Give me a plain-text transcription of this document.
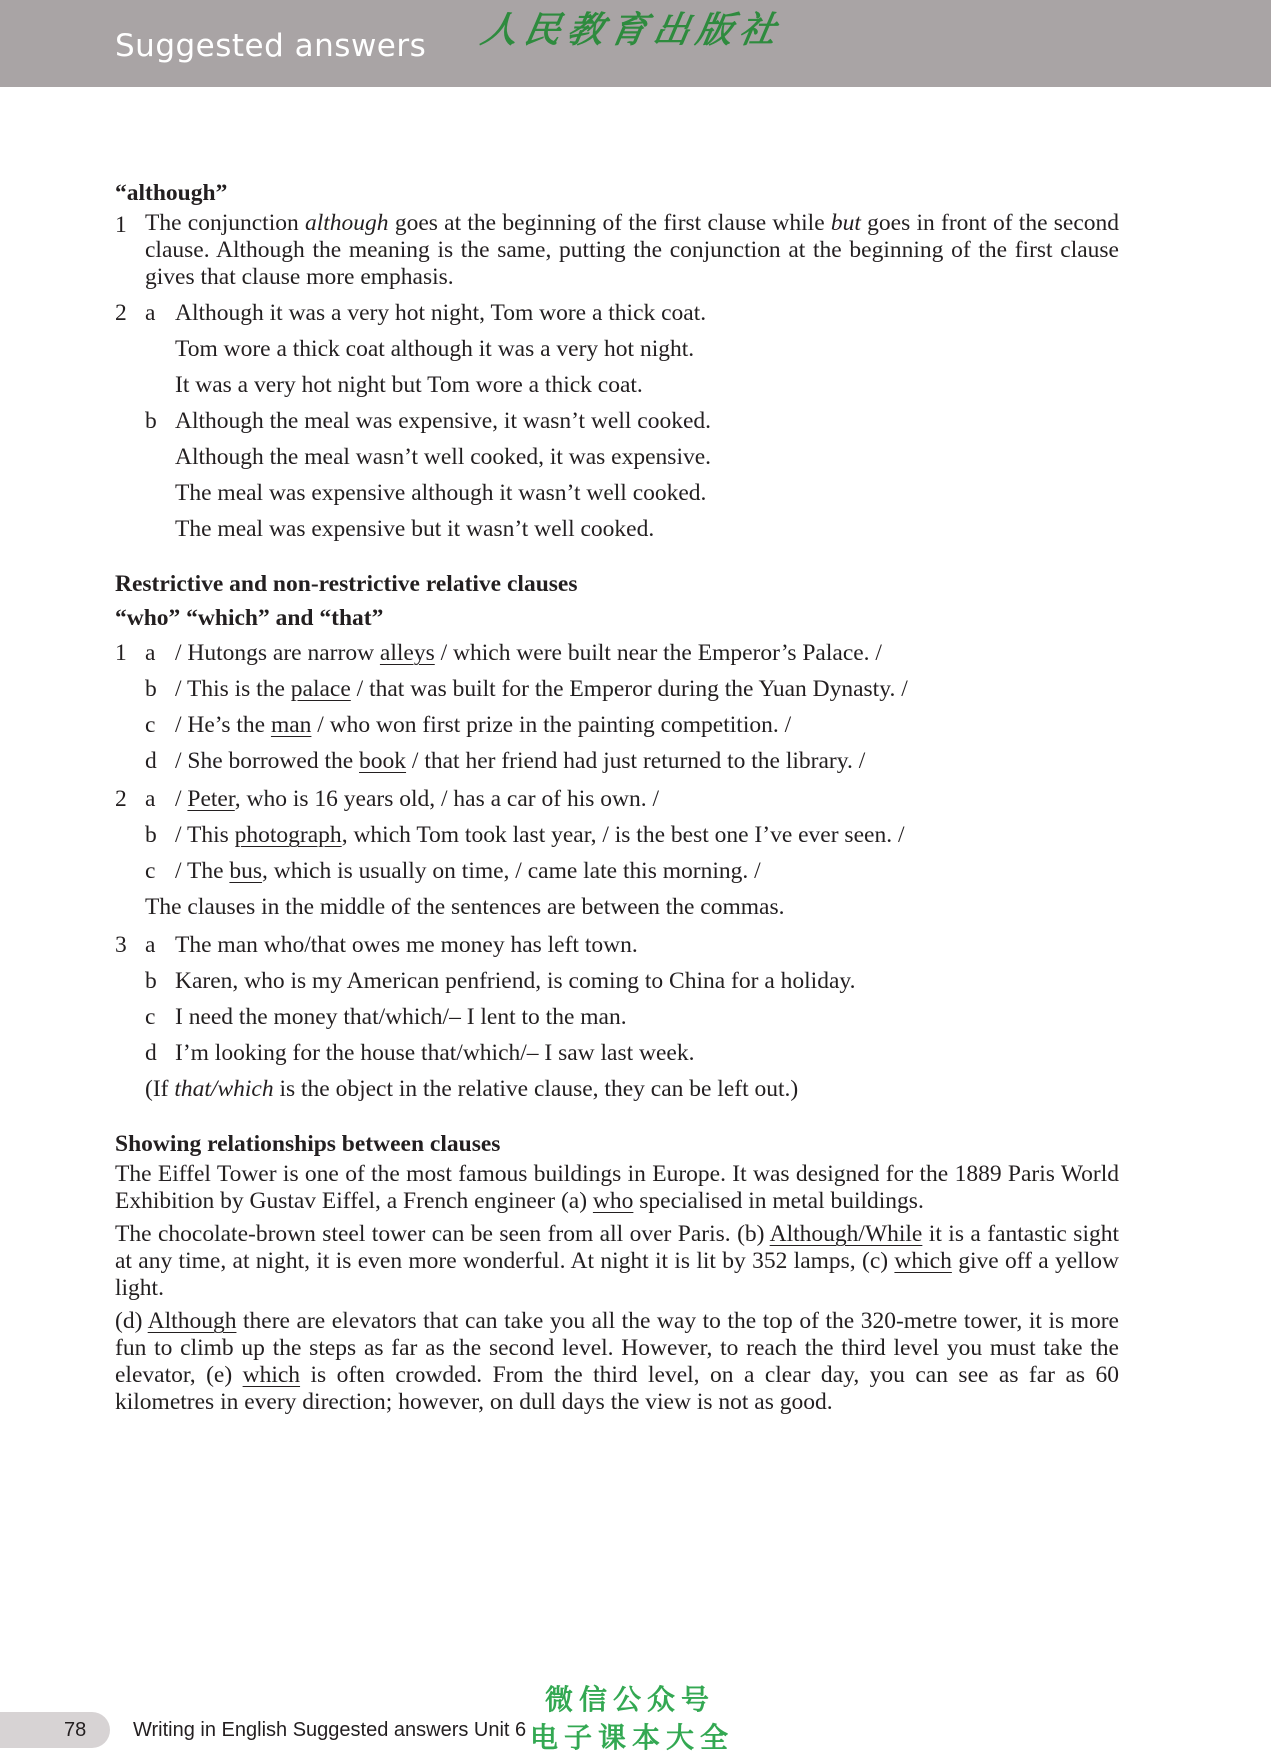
Suggested answers 人民教育出版社

“although”

1 The conjunction although goes at the beginning of the first clause while but goes in front of the second clause. Although the meaning is the same, putting the conjunction at the beginning of the first clause gives that clause more emphasis.
2 a Although it was a very hot night, Tom wore a thick coat.
Tom wore a thick coat although it was a very hot night.
It was a very hot night but Tom wore a thick coat.
b Although the meal was expensive, it wasn’t well cooked.
Although the meal wasn’t well cooked, it was expensive.
The meal was expensive although it wasn’t well cooked.
The meal was expensive but it wasn’t well cooked.

Restrictive and non-restrictive relative clauses

“who” “which” and “that”

1 a / Hutongs are narrow alleys / which were built near the Emperor’s Palace. /
b / This is the palace / that was built for the Emperor during the Yuan Dynasty. /
c / He’s the man / who won first prize in the painting competition. /
d / She borrowed the book / that her friend had just returned to the library. /
2 a / Peter, who is 16 years old, / has a car of his own. /
b / This photograph, which Tom took last year, / is the best one I’ve ever seen. /
c / The bus, which is usually on time, / came late this morning. /
The clauses in the middle of the sentences are between the commas.
3 a The man who/that owes me money has left town.
b Karen, who is my American penfriend, is coming to China for a holiday.
c I need the money that/which/– I lent to the man.
d I’m looking for the house that/which/– I saw last week.
(If that/which is the object in the relative clause, they can be left out.)

Showing relationships between clauses

The Eiffel Tower is one of the most famous buildings in Europe. It was designed for the 1889 Paris World Exhibition by Gustav Eiffel, a French engineer (a) who specialised in metal buildings.

The chocolate-brown steel tower can be seen from all over Paris. (b) Although/While it is a fantastic sight at any time, at night, it is even more wonderful. At night it is lit by 352 lamps, (c) which give off a yellow light.

(d) Although there are elevators that can take you all the way to the top of the 320-metre tower, it is more fun to climb up the steps as far as the second level. However, to reach the third level you must take the elevator, (e) which is often crowded. From the third level, on a clear day, you can see as far as 60 kilometres in every direction; however, on dull days the view is not as good.

78 Writing in English Suggested answers Unit 6
微信公众号
电子课本大全
